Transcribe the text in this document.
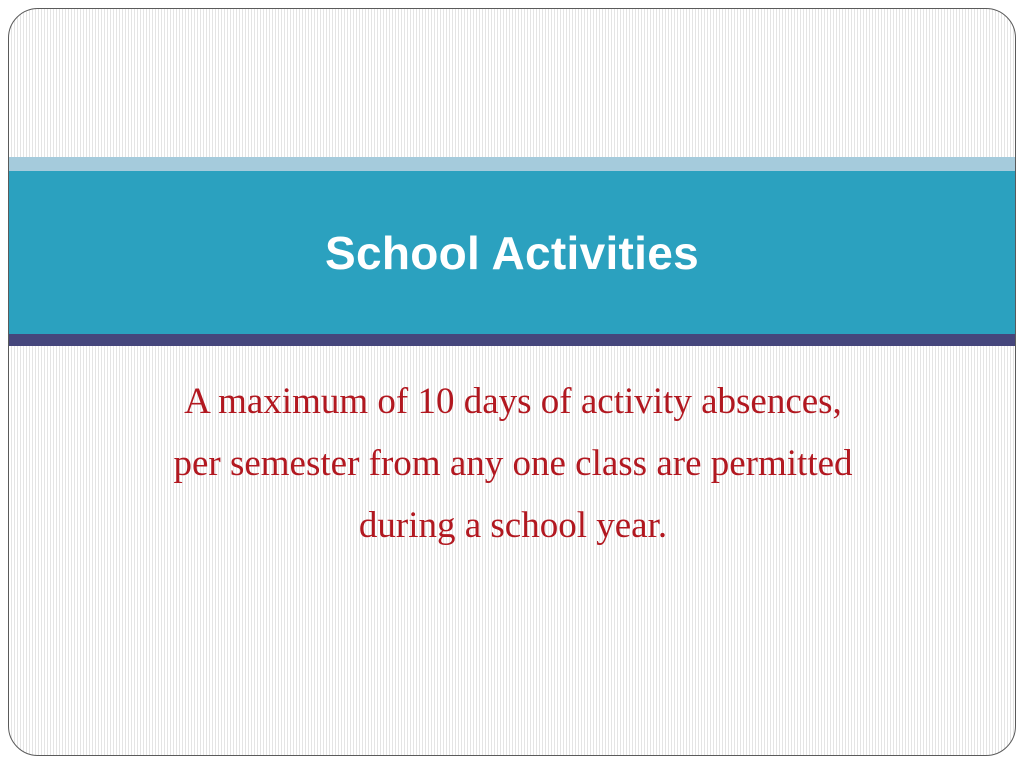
School Activities

A maximum of 10 days of activity absences, per semester from any one class are permitted during a school year.
